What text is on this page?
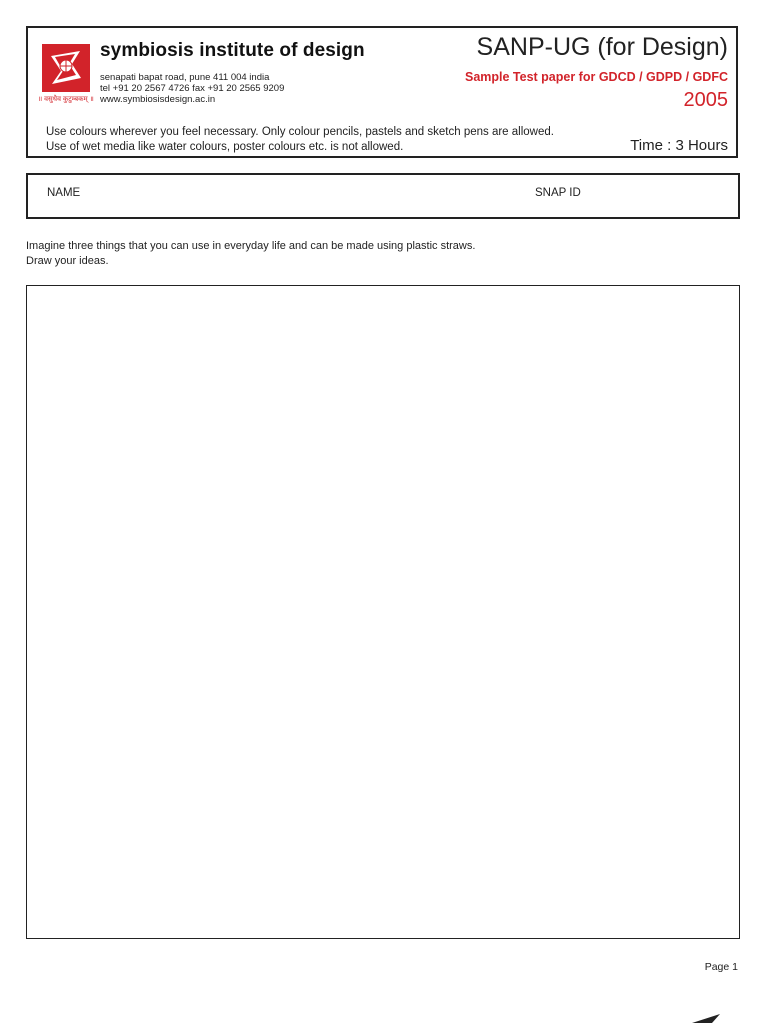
॥ वसुधैव कुटुम्बकम् ॥
symbiosis institute of design
senapati bapat road, pune 411 004 india
tel +91 20 2567 4726 fax +91 20 2565 9209
www.symbiosisdesign.ac.in
SANP-UG (for Design)
Sample Test paper for GDCD / GDPD / GDFC
2005
Use colours wherever you feel necessary. Only colour pencils, pastels and sketch pens are allowed.
Use of wet media like water colours, poster colours etc. is not allowed.	Time : 3 Hours
NAME	SNAP ID
Imagine three things that you can use in everyday life and can be made using plastic straws.
Draw your ideas.
Page 1
